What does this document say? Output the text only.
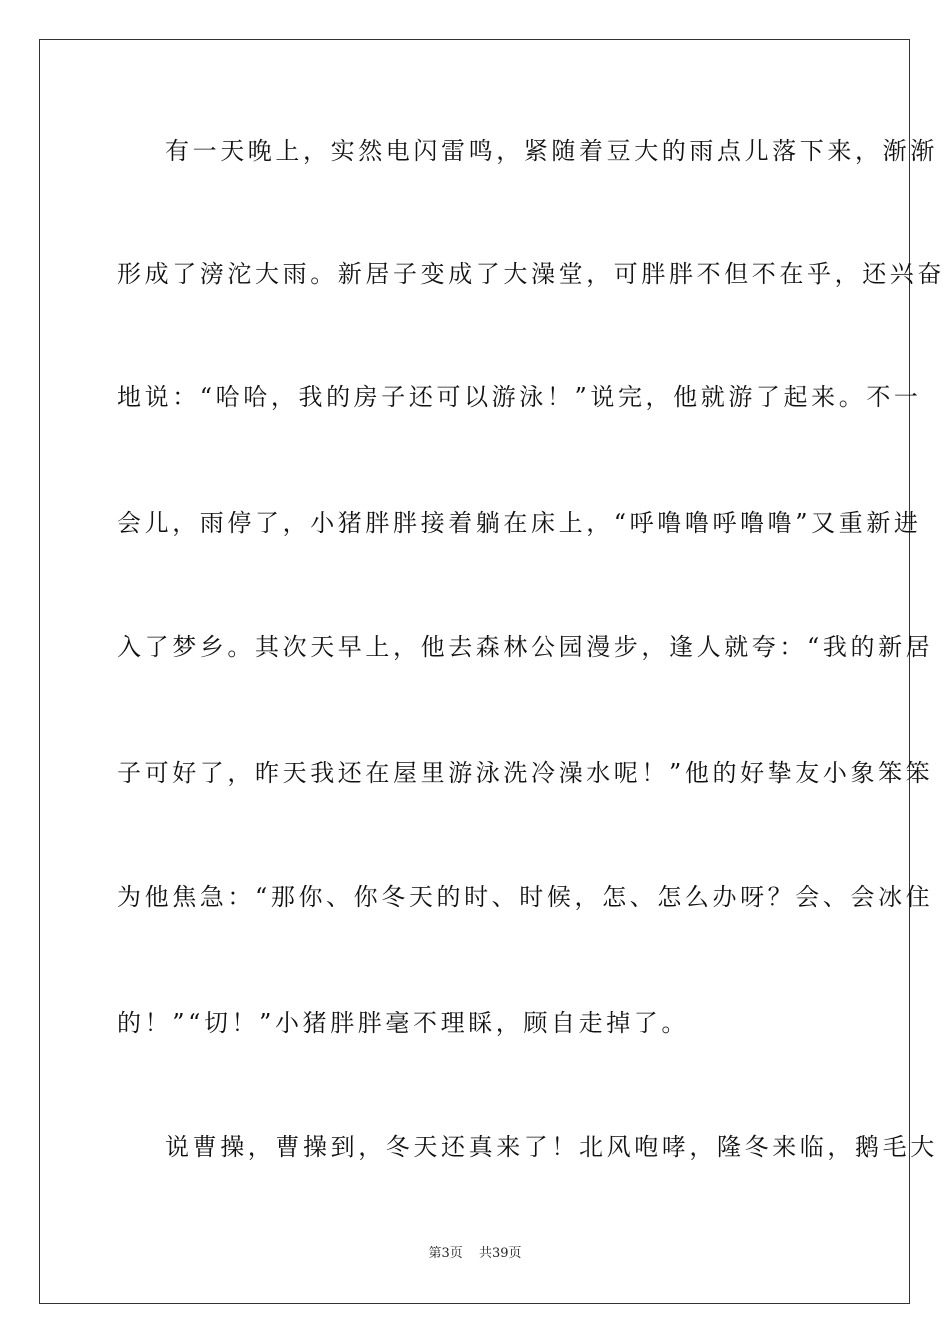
有一天晚上，实然电闪雷鸣，紧随着豆大的雨点儿落下来，渐渐
形成了滂沱大雨。新居子变成了大澡堂，可胖胖不但不在乎，还兴奋
地说：“哈哈，我的房子还可以游泳！”说完，他就游了起来。不一
会儿，雨停了，小猪胖胖接着躺在床上，“呼噜噜呼噜噜”又重新进
入了梦乡。其次天早上，他去森林公园漫步，逢人就夸：“我的新居
子可好了，昨天我还在屋里游泳洗冷澡水呢！”他的好挚友小象笨笨
为他焦急：“那你、你冬天的时、时候，怎、怎么办呀？会、会冰住
的！”“切！”小猪胖胖毫不理睬，顾自走掉了。
说曹操，曹操到，冬天还真来了！北风咆哮，隆冬来临，鹅毛大
第3页 共39页
